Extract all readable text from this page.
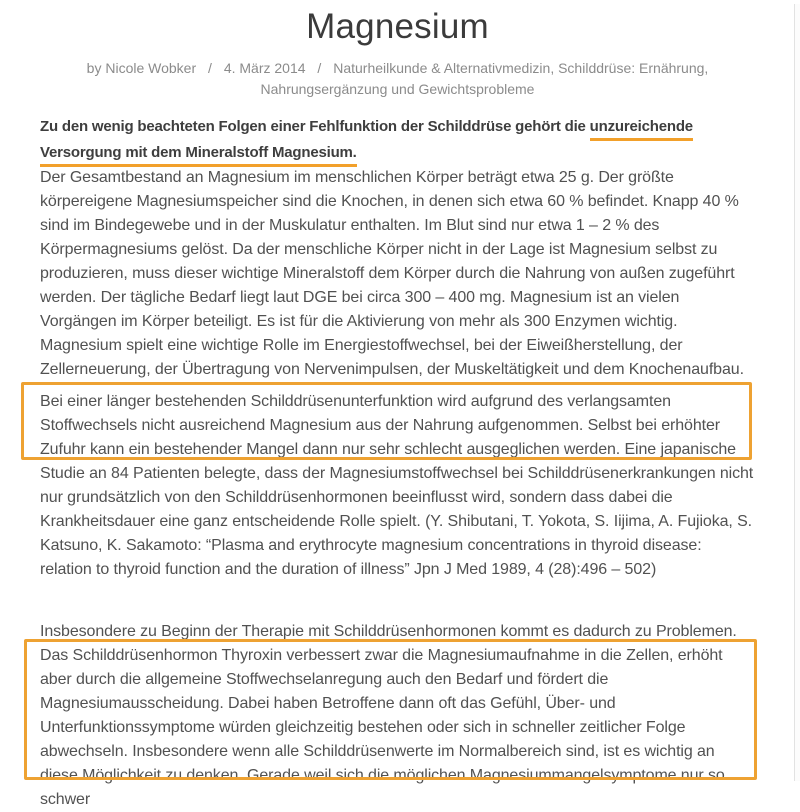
Magnesium
by Nicole Wobker / 4. März 2014 / Naturheilkunde & Alternativmedizin, Schilddrüse: Ernährung, Nahrungsergänzung und Gewichtsprobleme

Zu den wenig beachteten Folgen einer Fehlfunktion der Schilddrüse gehört die unzureichende
Versorgung mit dem Mineralstoff Magnesium.

Der Gesamtbestand an Magnesium im menschlichen Körper beträgt etwa 25 g. Der größte körpereigene Magnesiumspeicher sind die Knochen, in denen sich etwa 60 % befindet. Knapp 40 % sind im Bindegewebe und in der Muskulatur enthalten. Im Blut sind nur etwa 1 – 2 % des Körpermagnesiums gelöst. Da der menschliche Körper nicht in der Lage ist Magnesium selbst zu produzieren, muss dieser wichtige Mineralstoff dem Körper durch die Nahrung von außen zugeführt werden. Der tägliche Bedarf liegt laut DGE bei circa 300 – 400 mg. Magnesium ist an vielen Vorgängen im Körper beteiligt. Es ist für die Aktivierung von mehr als 300 Enzymen wichtig. Magnesium spielt eine wichtige Rolle im Energiestoffwechsel, bei der Eiweißherstellung, der Zellerneuerung, der Übertragung von Nervenimpulsen, der Muskeltätigkeit und dem Knochenaufbau.

Bei einer länger bestehenden Schilddrüsenunterfunktion wird aufgrund des verlangsamten Stoffwechsels nicht ausreichend Magnesium aus der Nahrung aufgenommen. Selbst bei erhöhter Zufuhr kann ein bestehender Mangel dann nur sehr schlecht ausgeglichen werden. Eine japanische Studie an 84 Patienten belegte, dass der Magnesiumstoffwechsel bei Schilddrüsenerkrankungen nicht nur grundsätzlich von den Schilddrüsenhormonen beeinflusst wird, sondern dass dabei die Krankheitsdauer eine ganz entscheidende Rolle spielt. (Y. Shibutani, T. Yokota, S. Iijima, A. Fujioka, S. Katsuno, K. Sakamoto: “Plasma and erythrocyte magnesium concentrations in thyroid disease: relation to thyroid function and the duration of illness” Jpn J Med 1989, 4 (28):496 – 502)

Insbesondere zu Beginn der Therapie mit Schilddrüsenhormonen kommt es dadurch zu Problemen. Das Schilddrüsenhormon Thyroxin verbessert zwar die Magnesiumaufnahme in die Zellen, erhöht aber durch die allgemeine Stoffwechselanregung auch den Bedarf und fördert die Magnesiumausscheidung. Dabei haben Betroffene dann oft das Gefühl, Über- und Unterfunktionssymptome würden gleichzeitig bestehen oder sich in schneller zeitlicher Folge abwechseln. Insbesondere wenn alle Schilddrüsenwerte im Normalbereich sind, ist es wichtig an diese Möglichkeit zu denken. Gerade weil sich die möglichen Magnesiummangelsymptome nur so schwer
